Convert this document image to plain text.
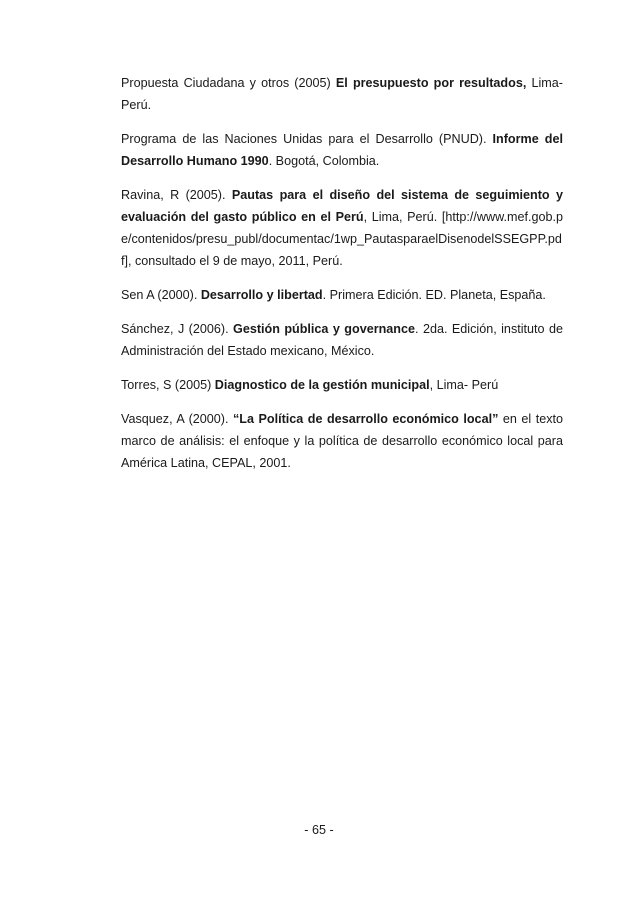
Propuesta Ciudadana y otros (2005) El presupuesto por resultados, Lima- Perú.

Programa de las Naciones Unidas para el Desarrollo (PNUD). Informe del Desarrollo Humano 1990. Bogotá, Colombia.

Ravina, R (2005). Pautas para el diseño del sistema de seguimiento y evaluación del gasto público en el Perú, Lima, Perú. [http://www.mef.gob.pe/contenidos/presu_publ/documentac/1wp_PautasparaelDisenodelSSEGPP.pdf], consultado el 9 de mayo, 2011, Perú.

Sen A (2000). Desarrollo y libertad. Primera Edición. ED. Planeta, España.

Sánchez, J (2006). Gestión pública y governance. 2da. Edición, instituto de Administración del Estado mexicano, México.

Torres, S (2005) Diagnostico de la gestión municipal, Lima- Perú

Vasquez, A (2000). “La Política de desarrollo económico local” en el texto marco de análisis: el enfoque y la política de desarrollo económico local para América Latina, CEPAL, 2001.

- 65 -
